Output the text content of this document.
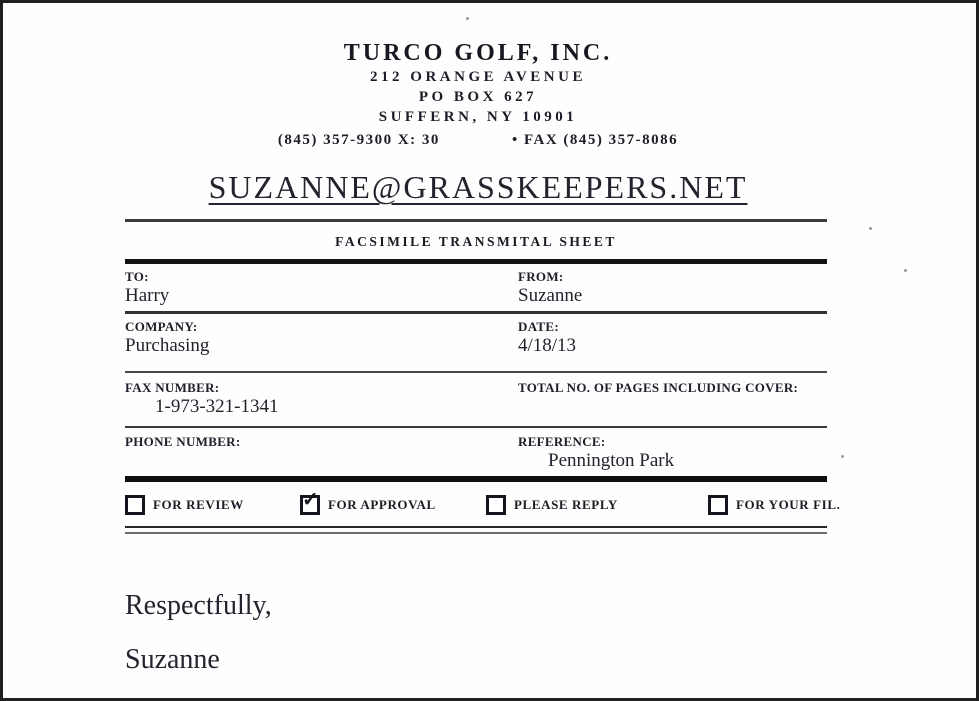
TURCO GOLF, INC.
212 ORANGE AVENUE
PO BOX 627
SUFFERN, NY 10901
(845) 357-9300 X: 30	• FAX (845) 357-8086
SUZANNE@GRASSKEEPERS.NET
FACSIMILE TRANSMITAL SHEET
TO:
Harry
FROM:
Suzanne
COMPANY:
Purchasing
DATE:
4/18/13
FAX NUMBER:
1-973-321-1341
TOTAL NO. OF PAGES INCLUDING COVER:
PHONE NUMBER:	REFERENCE:
Pennington Park
FOR REVIEW	✓ FOR APPROVAL	PLEASE REPLY	FOR YOUR FIL.
Respectfully,
Suzanne
